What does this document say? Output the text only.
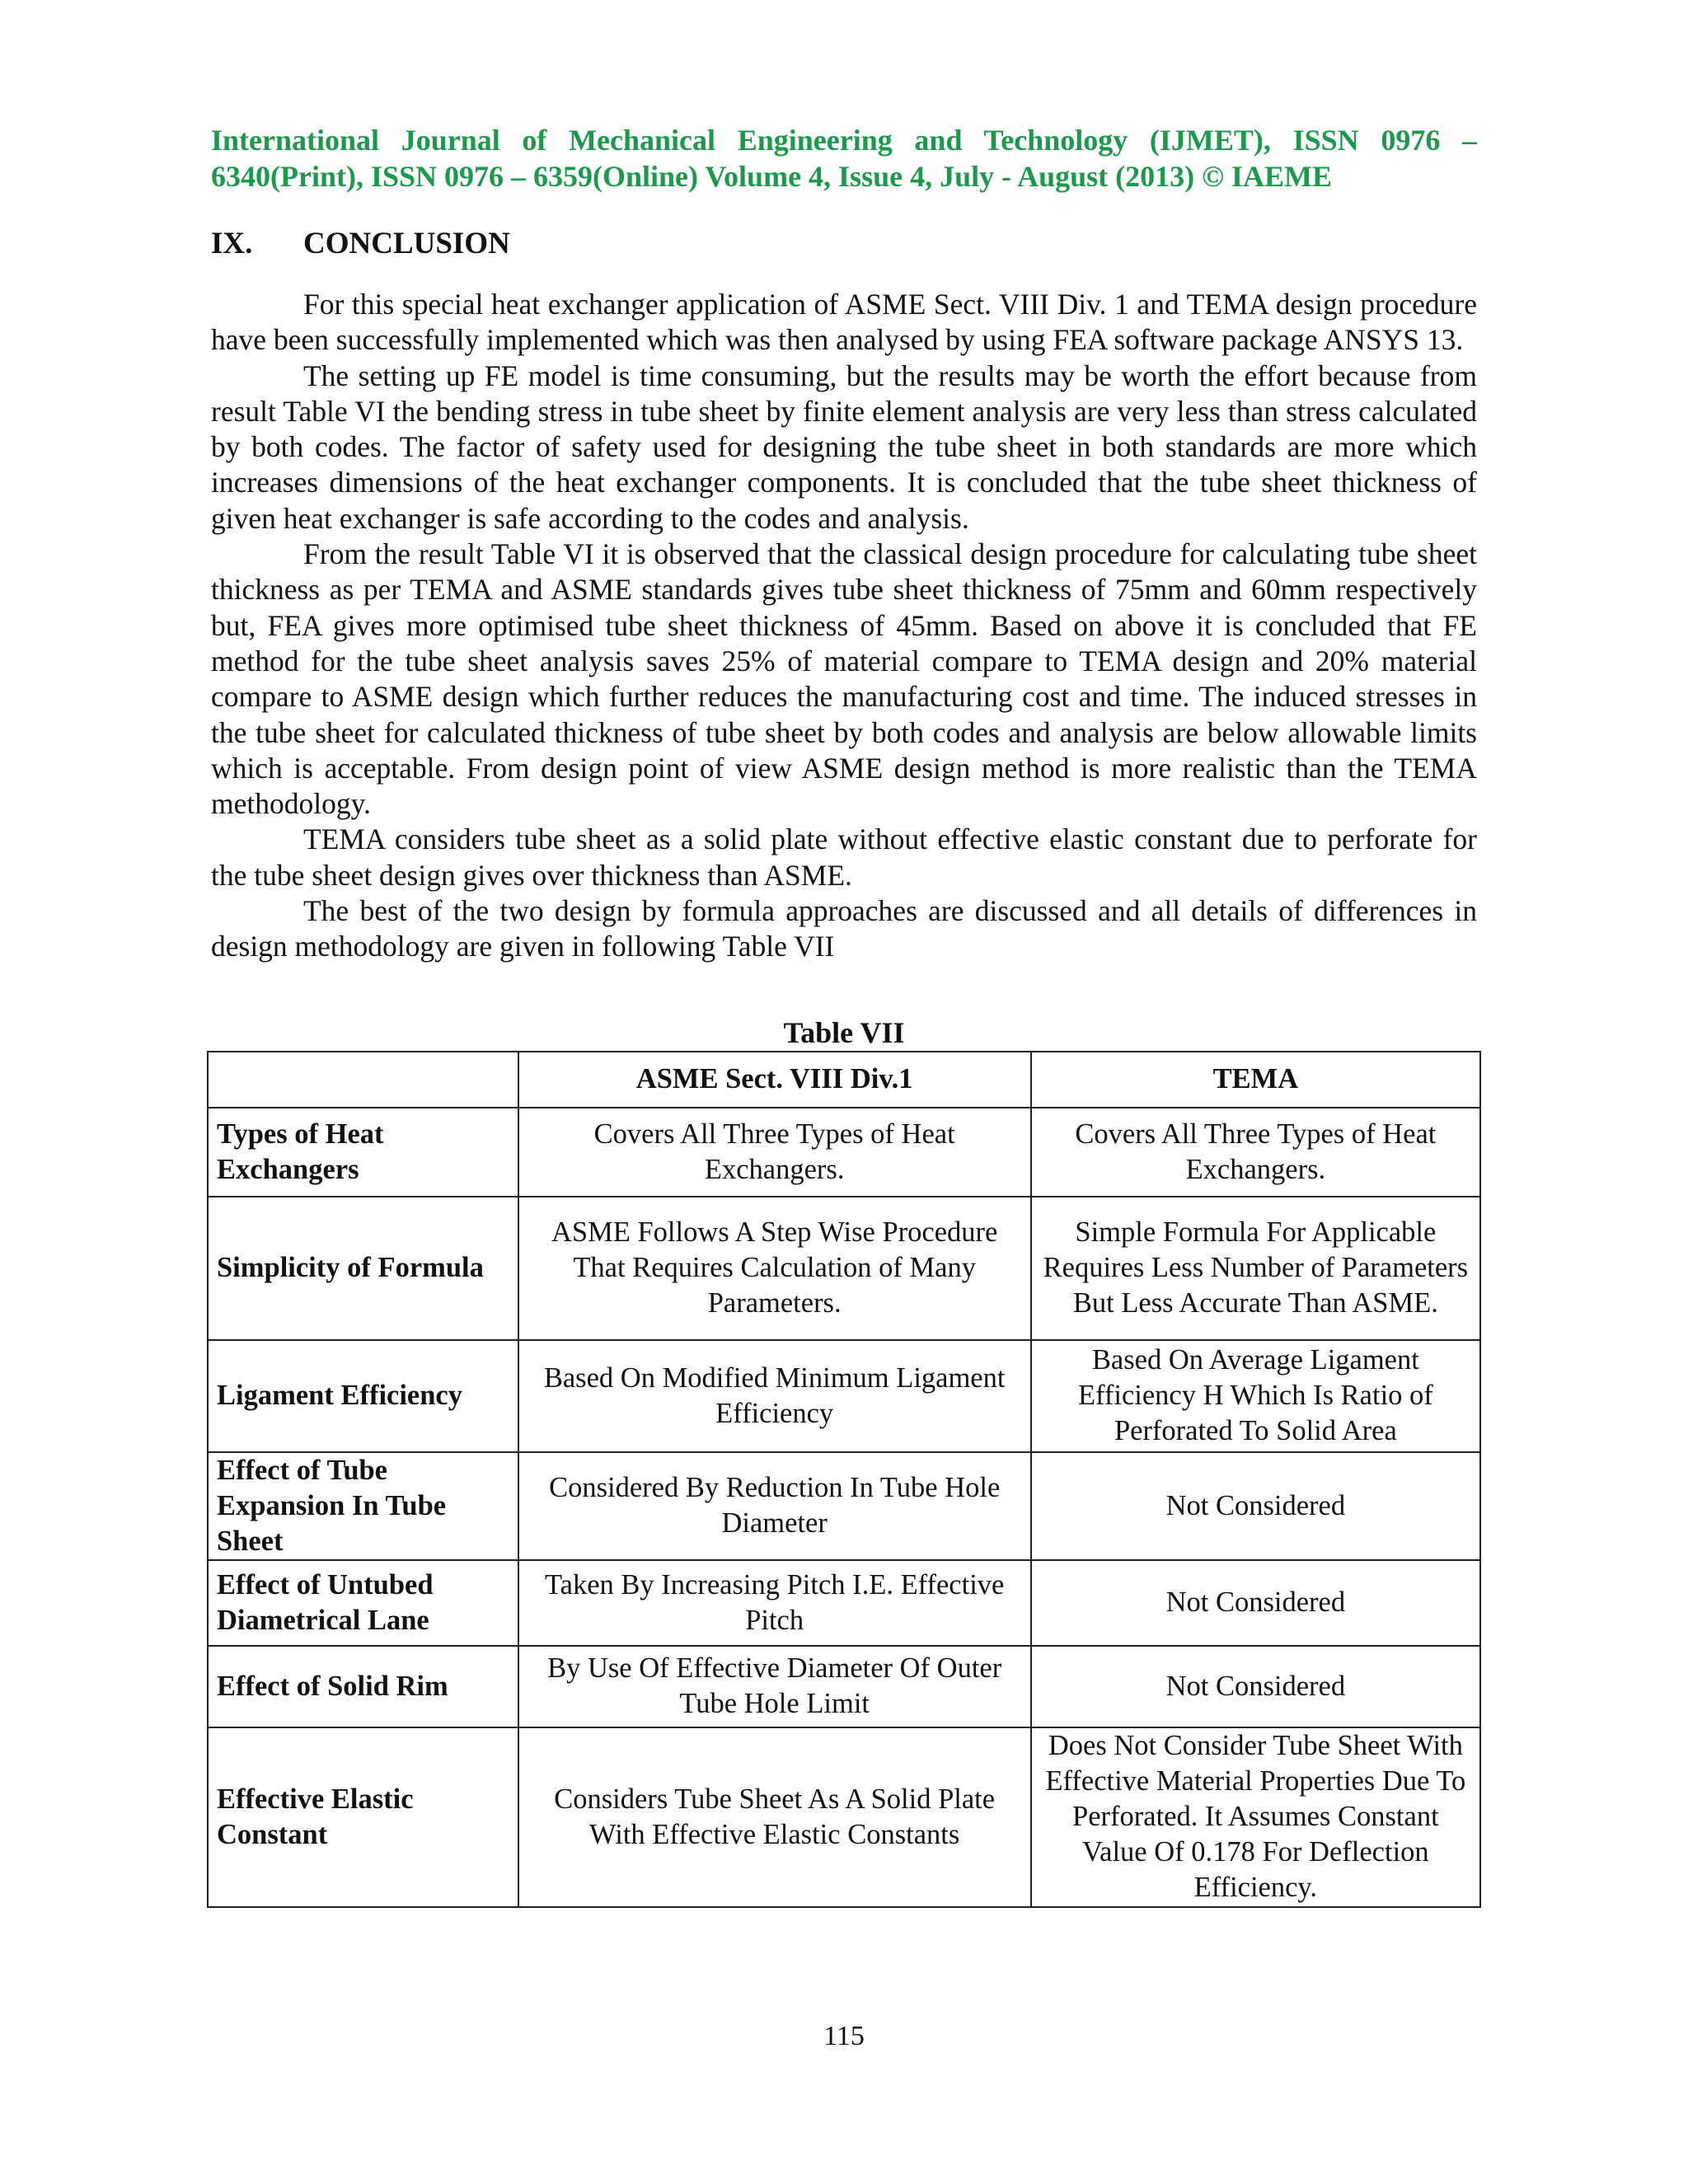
International Journal of Mechanical Engineering and Technology (IJMET), ISSN 0976 – 6340(Print), ISSN 0976 – 6359(Online) Volume 4, Issue 4, July - August (2013) © IAEME

IX.	CONCLUSION

For this special heat exchanger application of ASME Sect. VIII Div. 1 and TEMA design procedure have been successfully implemented which was then analysed by using FEA software package ANSYS 13.

The setting up FE model is time consuming, but the results may be worth the effort because from result Table VI the bending stress in tube sheet by finite element analysis are very less than stress calculated by both codes. The factor of safety used for designing the tube sheet in both standards are more which increases dimensions of the heat exchanger components. It is concluded that the tube sheet thickness of given heat exchanger is safe according to the codes and analysis.

From the result Table VI it is observed that the classical design procedure for calculating tube sheet thickness as per TEMA and ASME standards gives tube sheet thickness of 75mm and 60mm respectively but, FEA gives more optimised tube sheet thickness of 45mm. Based on above it is concluded that FE method for the tube sheet analysis saves 25% of material compare to TEMA design and 20% material compare to ASME design which further reduces the manufacturing cost and time. The induced stresses in the tube sheet for calculated thickness of tube sheet by both codes and analysis are below allowable limits which is acceptable. From design point of view ASME design method is more realistic than the TEMA methodology.

TEMA considers tube sheet as a solid plate without effective elastic constant due to perforate for the tube sheet design gives over thickness than ASME.

The best of the two design by formula approaches are discussed and all details of differences in design methodology are given in following Table VII

Table VII
	ASME Sect. VIII Div.1	TEMA
Types of Heat Exchangers	Covers All Three Types of Heat Exchangers.	Covers All Three Types of Heat Exchangers.
Simplicity of Formula	ASME Follows A Step Wise Procedure That Requires Calculation of Many Parameters.	Simple Formula For Applicable Requires Less Number of Parameters But Less Accurate Than ASME.
Ligament Efficiency	Based On Modified Minimum Ligament Efficiency	Based On Average Ligament Efficiency H Which Is Ratio of Perforated To Solid Area
Effect of Tube Expansion In Tube Sheet	Considered By Reduction In Tube Hole Diameter	Not Considered
Effect of Untubed Diametrical Lane	Taken By Increasing Pitch I.E. Effective Pitch	Not Considered
Effect of Solid Rim	By Use Of Effective Diameter Of Outer Tube Hole Limit	Not Considered
Effective Elastic Constant	Considers Tube Sheet As A Solid Plate With Effective Elastic Constants	Does Not Consider Tube Sheet With Effective Material Properties Due To Perforated. It Assumes Constant Value Of 0.178 For Deflection Efficiency.
115
